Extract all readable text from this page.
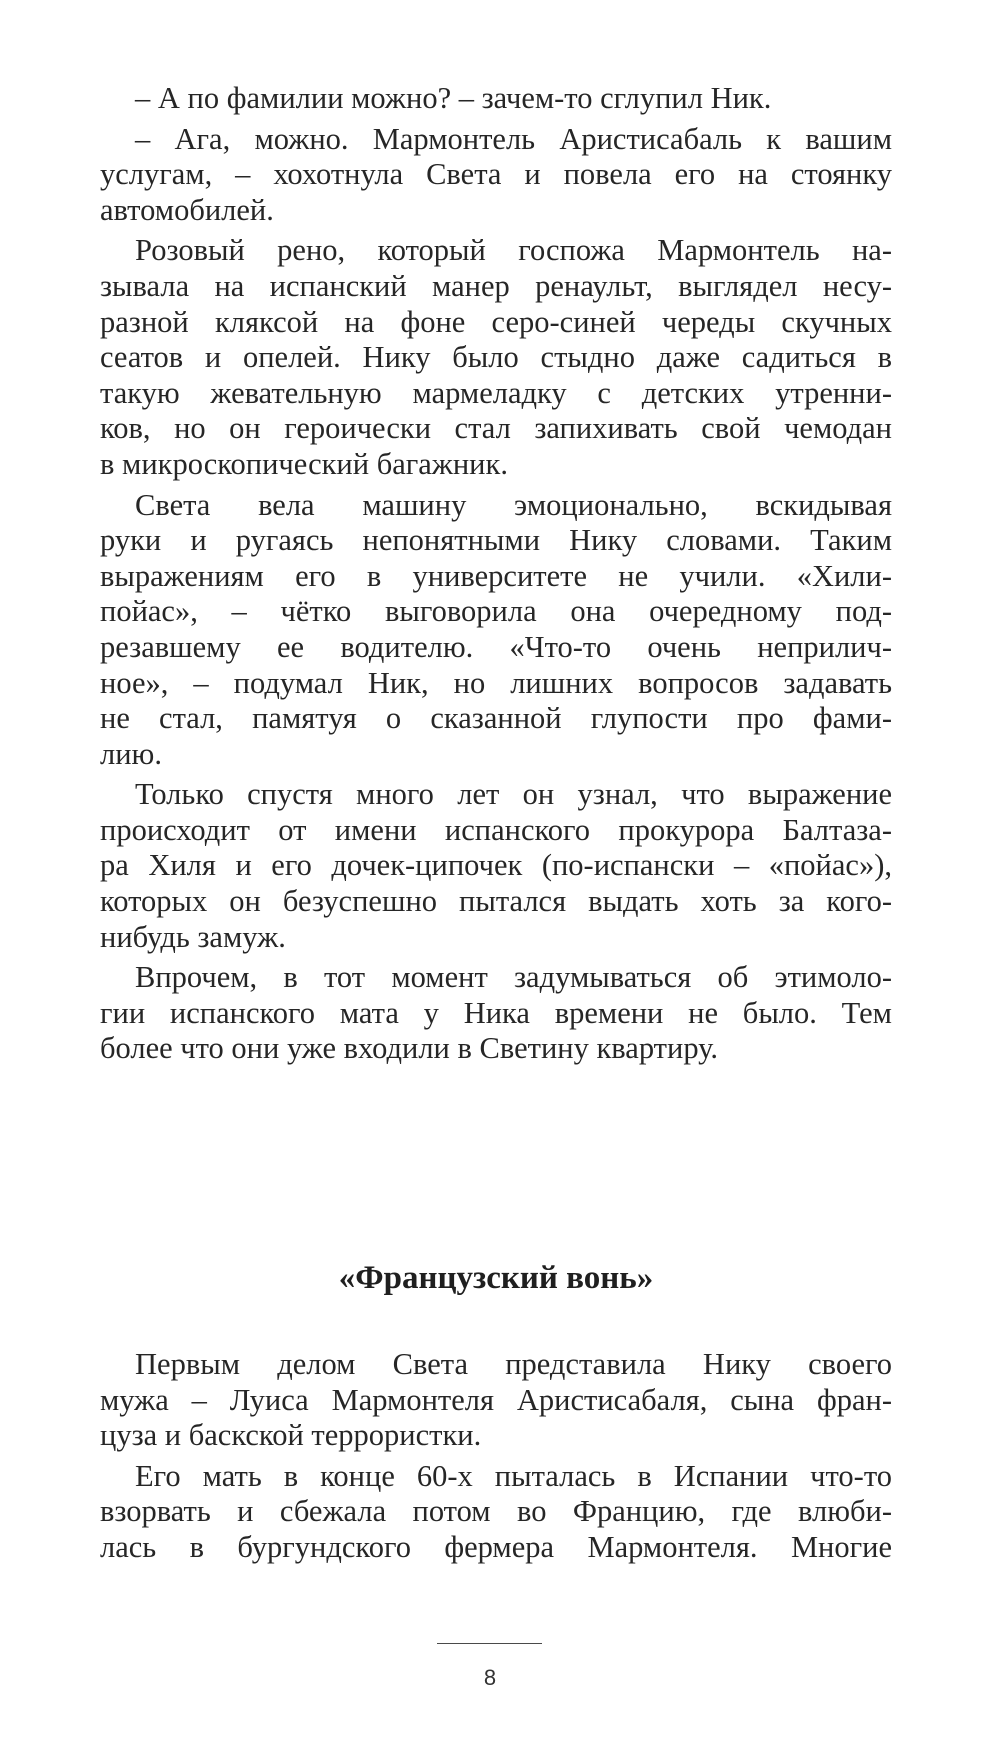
– А по фамилии можно? – зачем-то сглупил Ник.
– Ага, можно. Мармонтель Аристисабаль к вашим
услугам, – хохотнула Света и повела его на стоянку
автомобилей.
Розовый рено, который госпожа Мармонтель на-
зывала на испанский манер ренаульт, выглядел несу-
разной кляксой на фоне серо-синей череды скучных
сеатов и опелей. Нику было стыдно даже садиться в
такую жевательную мармеладку с детских утренни-
ков, но он героически стал запихивать свой чемодан
в микроскопический багажник.
Света вела машину эмоционально, вскидывая
руки и ругаясь непонятными Нику словами. Таким
выражениям его в университете не учили. «Хили-
пойас», – чётко выговорила она очередному под-
резавшему ее водителю. «Что-то очень неприлич-
ное», – подумал Ник, но лишних вопросов задавать
не стал, памятуя о сказанной глупости про фами-
лию.
Только спустя много лет он узнал, что выражение
происходит от имени испанского прокурора Балтаза-
ра Хиля и его дочек-ципочек (по-испански – «пойас»),
которых он безуспешно пытался выдать хоть за кого-
нибудь замуж.
Впрочем, в тот момент задумываться об этимоло-
гии испанского мата у Ника времени не было. Тем
более что они уже входили в Светину квартиру.
«Французский вонь»
Первым делом Света представила Нику своего
мужа – Луиса Мармонтеля Аристисабаля, сына фран-
цуза и баскской террористки.
Его мать в конце 60-х пыталась в Испании что-то
взорвать и сбежала потом во Францию, где влюби-
лась в бургундского фермера Мармонтеля. Многие
8
